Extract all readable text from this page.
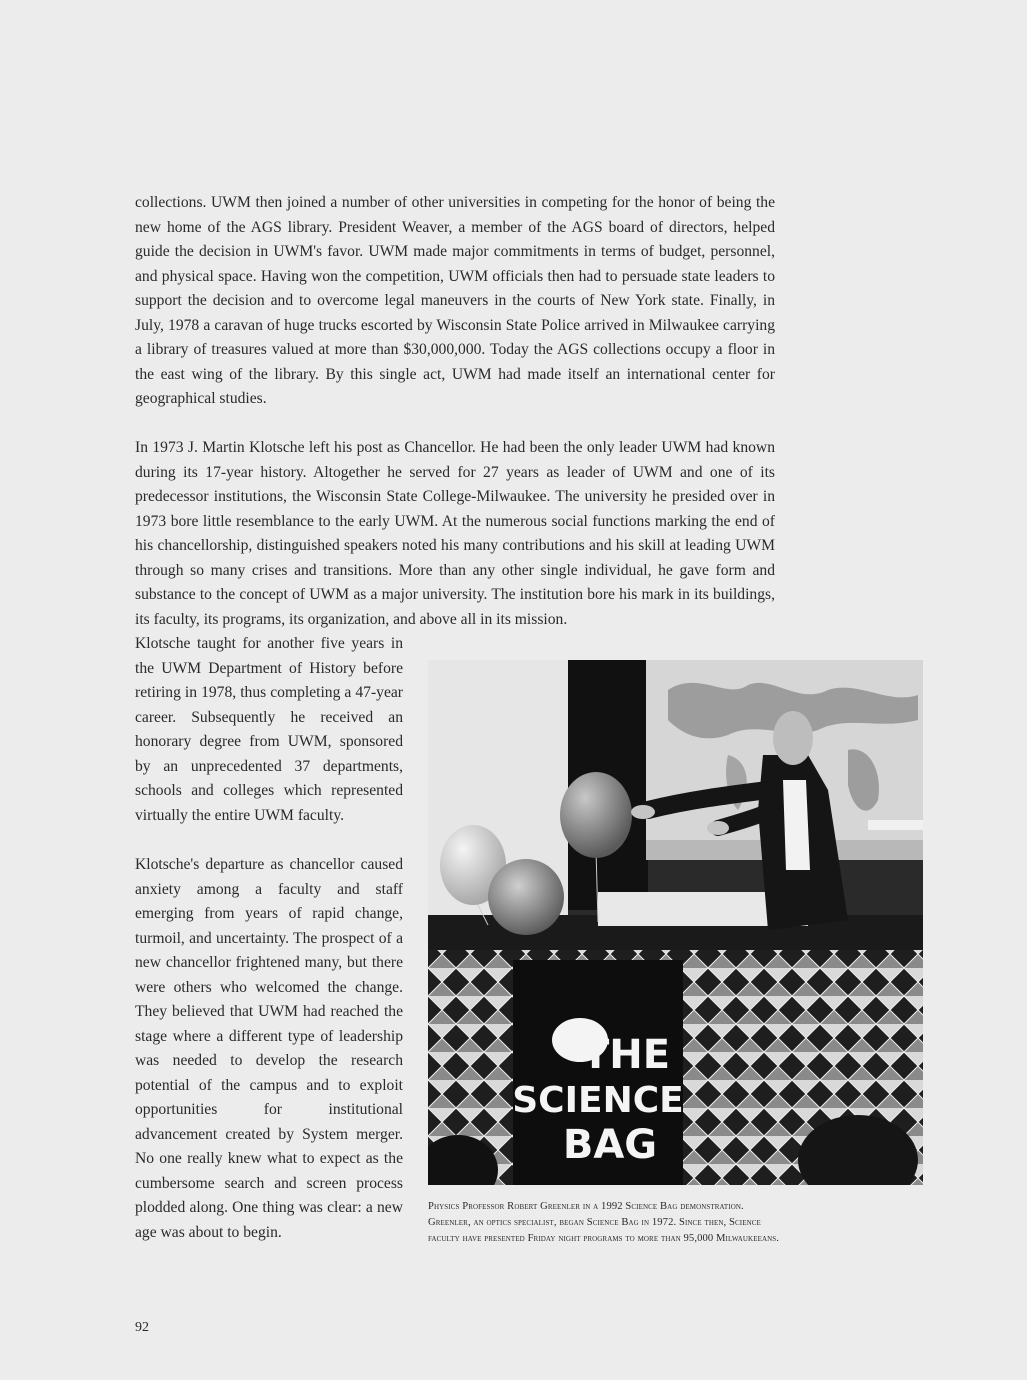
collections. UWM then joined a number of other universities in competing for the honor of being the new home of the AGS library. President Weaver, a member of the AGS board of directors, helped guide the decision in UWM's favor. UWM made major commitments in terms of budget, personnel, and physical space. Having won the competition, UWM officials then had to persuade state leaders to support the decision and to overcome legal maneuvers in the courts of New York state. Finally, in July, 1978 a caravan of huge trucks escorted by Wisconsin State Police arrived in Milwaukee carrying a library of treasures valued at more than $30,000,000. Today the AGS collections occupy a floor in the east wing of the library. By this single act, UWM had made itself an international center for geographical studies.

In 1973 J. Martin Klotsche left his post as Chancellor. He had been the only leader UWM had known during its 17-year history. Altogether he served for 27 years as leader of UWM and one of its predecessor institutions, the Wisconsin State College-Milwaukee. The university he presided over in 1973 bore little resemblance to the early UWM. At the numerous social functions marking the end of his chancellorship, distinguished speakers noted his many contributions and his skill at leading UWM through so many crises and transitions. More than any other single individual, he gave form and substance to the concept of UWM as a major university. The institution bore his mark in its buildings, its faculty, its programs, its organization, and above all in its mission.

Klotsche taught for another five years in the UWM Department of History before retiring in 1978, thus completing a 47-year career. Subsequently he received an honorary degree from UWM, sponsored by an unprecedented 37 departments, schools and colleges which represented virtually the entire UWM faculty.

Klotsche's departure as chancellor caused anxiety among a faculty and staff emerging from years of rapid change, turmoil, and uncertainty. The prospect of a new chancellor frightened many, but there were others who welcomed the change. They believed that UWM had reached the stage where a different type of leadership was needed to develop the research potential of the campus and to exploit opportunities for institutional advancement created by System merger. No one really knew what to expect as the cumbersome search and screen process plodded along. One thing was clear: a new age was about to begin.

THE
SCIENCE
BAG

Physics Professor Robert Greenler in a 1992 Science Bag demonstration. Greenler, an optics specialist, began Science Bag in 1972. Since then, Science faculty have presented Friday night programs to more than 95,000 Milwaukeeans.

92
